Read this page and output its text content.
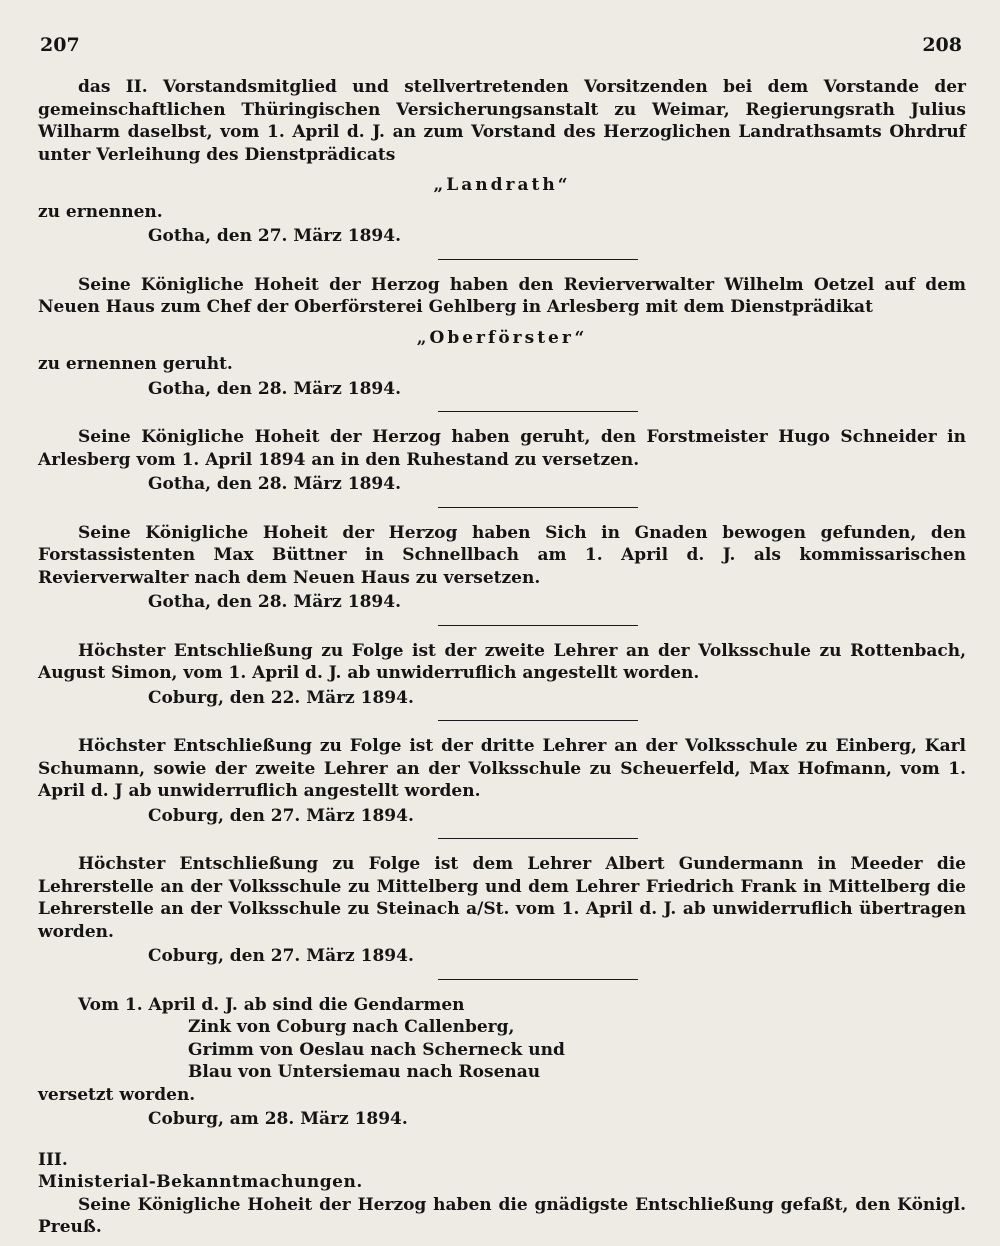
207	208

das II. Vorstandsmitglied und stellvertretenden Vorsitzenden bei dem Vorstande der gemeinschaftlichen Thüringischen Versicherungsanstalt zu Weimar, Regierungsrath Julius Wilharm daselbst, vom 1. April d. J. an zum Vorstand des Herzoglichen Landrathsamts Ohrdruf unter Verleihung des Dienstprädicats

„Landrath“

zu ernennen.

Gotha, den 27. März 1894.

Seine Königliche Hoheit der Herzog haben den Revierverwalter Wilhelm Oetzel auf dem Neuen Haus zum Chef der Oberförsterei Gehlberg in Arlesberg mit dem Dienstprädikat

„Oberförster“

zu ernennen geruht.

Gotha, den 28. März 1894.

Seine Königliche Hoheit der Herzog haben geruht, den Forstmeister Hugo Schneider in Arlesberg vom 1. April 1894 an in den Ruhestand zu versetzen.

Gotha, den 28. März 1894.

Seine Königliche Hoheit der Herzog haben Sich in Gnaden bewogen gefunden, den Forstassistenten Max Büttner in Schnellbach am 1. April d. J. als kommissarischen Revierverwalter nach dem Neuen Haus zu versetzen.

Gotha, den 28. März 1894.

Höchster Entschließung zu Folge ist der zweite Lehrer an der Volksschule zu Rottenbach, August Simon, vom 1. April d. J. ab unwiderruflich angestellt worden.

Coburg, den 22. März 1894.

Höchster Entschließung zu Folge ist der dritte Lehrer an der Volksschule zu Einberg, Karl Schumann, sowie der zweite Lehrer an der Volksschule zu Scheuerfeld, Max Hofmann, vom 1. April d. J ab unwiderruflich angestellt worden.

Coburg, den 27. März 1894.

Höchster Entschließung zu Folge ist dem Lehrer Albert Gundermann in Meeder die Lehrerstelle an der Volksschule zu Mittelberg und dem Lehrer Friedrich Frank in Mittelberg die Lehrerstelle an der Volksschule zu Steinach a/St. vom 1. April d. J. ab unwiderruflich übertragen worden.

Coburg, den 27. März 1894.

Vom 1. April d. J. ab sind die Gendarmen

Zink von Coburg nach Callenberg,

Grimm von Oeslau nach Scherneck und

Blau von Untersiemau nach Rosenau

versetzt worden.

Coburg, am 28. März 1894.

III.

Ministerial-Bekanntmachungen.

Seine Königliche Hoheit der Herzog haben die gnädigste Entschließung gefaßt, den Königl. Preuß.
